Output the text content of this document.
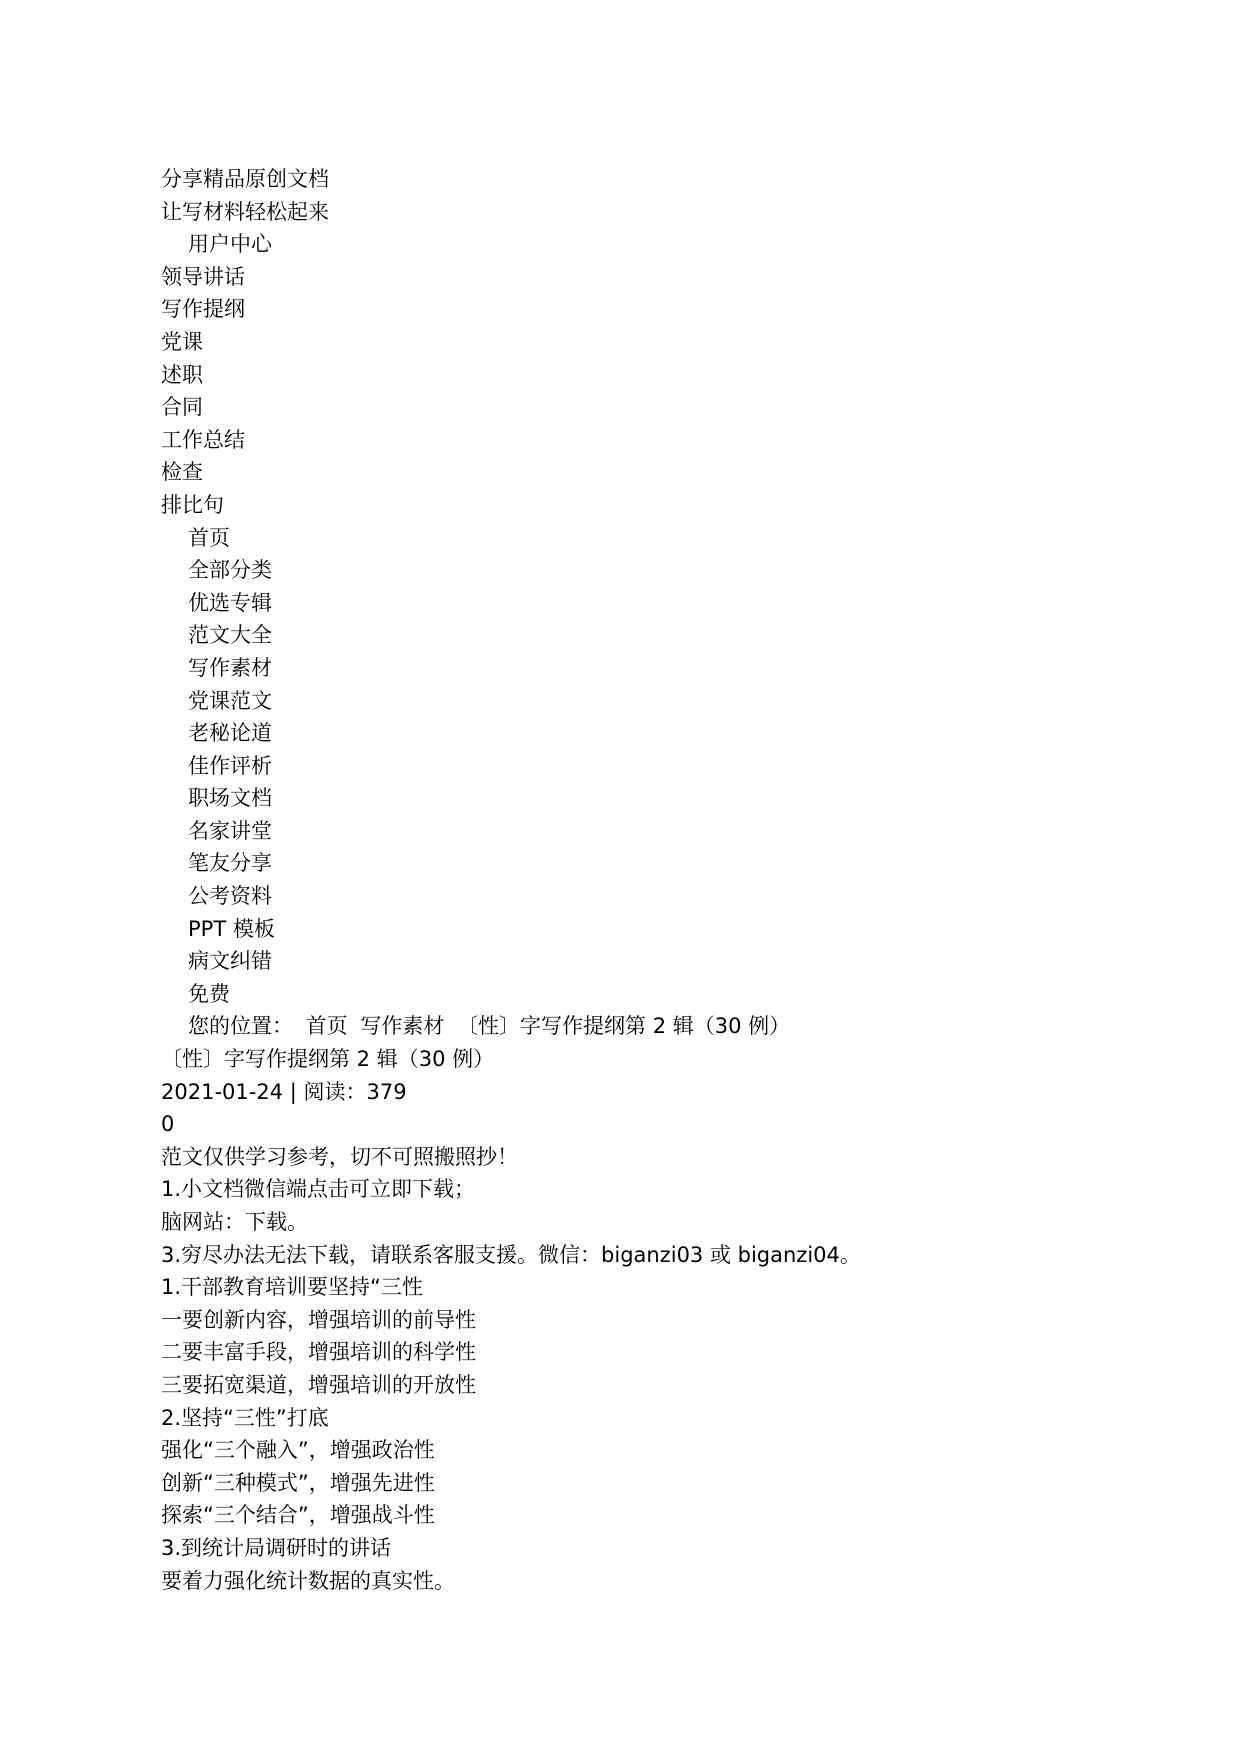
分享精品原创文档
让写材料轻松起来
用户中心
领导讲话
写作提纲
党课
述职
合同
工作总结
检查
排比句
首页
全部分类
优选专辑
范文大全
写作素材
党课范文
老秘论道
佳作评析
职场文档
名家讲堂
笔友分享
公考资料
PPT 模板
病文纠错
免费
您的位置： 首页 写作素材 〔性〕字写作提纲第 2 辑（30 例）
〔性〕字写作提纲第 2 辑（30 例）
2021-01-24 | 阅读：379
0
范文仅供学习参考，切不可照搬照抄！
1.小文档微信端点击可立即下载；
脑网站：下载。
3.穷尽办法无法下载，请联系客服支援。微信：biganzi03 或 biganzi04。
1.干部教育培训要坚持“三性
一要创新内容，增强培训的前导性
二要丰富手段，增强培训的科学性
三要拓宽渠道，增强培训的开放性
2.坚持“三性”打底
强化“三个融入”，增强政治性
创新“三种模式”，增强先进性
探索“三个结合”，增强战斗性
3.到统计局调研时的讲话
要着力强化统计数据的真实性。
